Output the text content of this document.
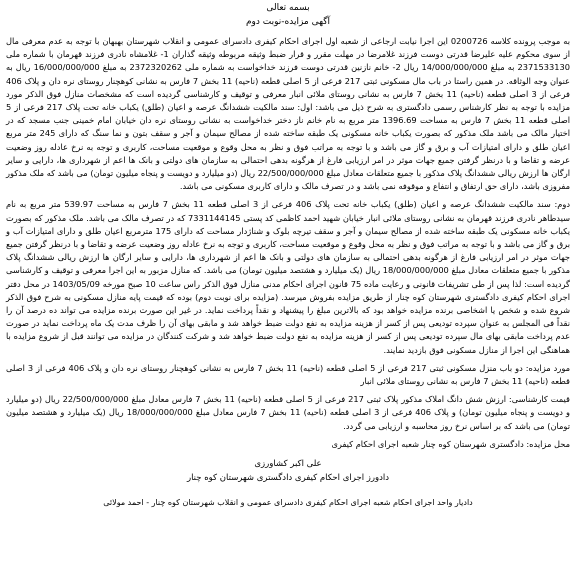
بسمه تعالی

آگهی مزایده-نوبت دوم

به موجب پرونده کلاسه 0200726 این اجرا نیابت ارجاعی از شعبه اول اجرای احکام کیفری دادسرای عمومی و انقلاب شهرستان بهبهان با توجه به عدم معرفی مال از سوی محکوم علیه علیرضا قدرتی دوست فرزند غلامرضا در مهلت مقرر و قرار ضبط وثیقه مربوطه وثیقه گذاران 1- غلامشاه نادری فرزند قهرمان با شماره ملی 2371533130 به مبلغ 14/000/000/000 ریال 2- خانم نازنین قدرتی دوست فرزند خداخواست به شماره ملی 2372320262 به مبلغ 16/000/000/000 ریال به عنوان وجه الوثاقه. در همین راستا در باب مال مسکونی ثبتی 217 فرعی از 5 اصلی قطعه (ناحیه) 11 بخش 7 فارس به نشانی کوهچنار روستای نره دان و پلاک 406 فرعی از 3 اصلی قطعه (ناحیه) 11 بخش 7 فارس به نشانی روستای ملائی انبار معرفی و توقیف و کارشناسی گردیده است که مشخصات منازل فوق الذکر مورد مزایده با توجه به نظر کارشناس رسمی دادگستری به شرح ذیل می باشد: اول: سند مالکیت ششدانگ عرصه و اعیان (طلق) یکباب خانه تحت پلاک 217 فرعی از 5 اصلی قطعه 11 بخش 7 فارس به مساحت 1396.69 متر مربع به نام خانم ناز دختر خداخواست به نشانی روستای نره دان خیابان امام خمینی جنب مسجد که در اختیار مالک می باشد ملک مذکور که بصورت یکباب خانه مسکونی یک طبقه ساخته شده از مصالح سیمان و آجر و سقف بتون و نما سنگ که دارای 245 متر مربع اعیان طلق و دارای امتیازات آب و برق و گاز می باشد و با توجه به مراتب فوق و نظر به محل وقوع و موقعیت مساحت، کاربری و توجه به نرخ عادله روز وضعیت عرضه و تقاضا و با درنظر گرفتن جمیع جهات موثر در امر ارزیابی فارغ از هرگونه بدهی احتمالی به سازمان های دولتی و بانک ها اعم از شهرداری ها، دارایی و سایر ارگان ها ارزش ریالی ششدانگ پلاک مذکور با جمیع متعلقات معادل مبلغ 22/500/000/000 ریال (دو میلیارد و دویست و پنجاه میلیون تومان) می باشد که ملک مذکور مفروزی باشد، دارای حق ارتفاق و انتفاع و موقوفه نمی باشد و در تصرف مالک و دارای کاربری مسکونی می باشد.

دوم: سند مالکیت ششدانگ عرصه و اعیان (طلق) یکباب خانه تحت پلاک 406 فرعی از 3 اصلی قطعه 11 بخش 7 فارس به مساحت 539.97 متر مربع به نام سیدطاهر نادری فرزند قهرمان به نشانی روستای ملائی انبار خیابان شهید احمد کاظمی کد پستی 7331144145 که در تصرف مالک می باشد. ملک مذکور که بصورت یکباب خانه مسکونی یک طبقه ساخته شده از مصالح سیمان و آجر و سقف تیرچه بلوک و شناژدار مساحت که دارای 175 مترمربع اعیان طلق و دارای امتیازات آب و برق و گاز می باشد و با توجه به مراتب فوق و نظر به محل وقوع و موقعیت مساحت، کاربری و توجه به نرخ عادله روز وضعیت عرضه و تقاضا و با درنظر گرفتن جمیع جهات موثر در امر ارزیابی فارغ از هرگونه بدهی احتمالی به سازمان های دولتی و بانک ها اعم از شهرداری ها، دارایی و سایر ارگان ها ارزش ریالی ششدانگ پلاک مذکور با جمیع متعلقات معادل مبلغ 18/000/000/000 ریال (یک میلیارد و هشتصد میلیون تومان) می باشد. که منازل مزبور به این اجرا معرفی و توقیف و کارشناسی گردیده است: لذا پس از طی تشریفات قانونی و رعایت ماده 75 قانون اجرای احکام مدنی منازل فوق الذکر راس ساعت 10 صبح مورخه 1403/05/09 در محل دفتر اجرای احکام کیفری دادگستری شهرستان کوه چنار از طریق مزایده بفروش میرسد. (مزایده برای نوبت دوم) بوده که قیمت پایه منازل مسکونی به شرح فوق الذکر شروع شده و شخص یا اشخاصی برنده مزایده خواهد بود که بالاترین مبلغ را پیشنهاد و نقداً پرداخت نماید. در غیر این صورت برنده مزایده می تواند ده درصد آن را نقداً فی المجلس به عنوان سپرده تودیعی پس از کسر از هزینه مزایده به نفع دولت ضبط خواهد شد و مابقی بهای آن را ظرف مدت یک ماه پرداخت نماید در صورت عدم پرداخت مابقی بهای مال سپرده تودیعی پس از کسر از هزینه مزایده به نفع دولت ضبط خواهد شد و شرکت کنندگان در مزایده می توانند قبل از شروع مزایده با هماهنگی این اجرا از منازل مسکونی فوق بازدید نمایند.

مورد مزایده: دو باب منزل مسکونی ثبتی 217 فرعی از 5 اصلی قطعه (ناحیه) 11 بخش 7 فارس به نشانی کوهچنار روستای نره دان و پلاک 406 فرعی از 3 اصلی قطعه (ناحیه) 11 بخش 7 فارس به نشانی روستای ملائی انبار

قیمت کارشناسی: ارزش شش دانگ املاک مذکور پلاک ثبتی 217 فرعی از 5 اصلی قطعه (ناحیه) 11 بخش 7 فارس معادل مبلغ 22/500/000/000 ریال (دو میلیارد و دویست و پنجاه میلیون تومان) و پلاک 406 فرعی از 3 اصلی قطعه (ناحیه) 11 بخش 7 فارس معادل مبلغ 18/000/000/000 ریال (یک میلیارد و هشتصد میلیون تومان) می باشد که بر اساس نرخ روز محاسبه و ارزیابی می گردد.

محل مزایده: دادگستری شهرستان کوه چنار شعبه اجرای احکام کیفری

علی اکبر کشاورزی

دادورز اجرای احکام کیفری دادگستری شهرستان کوه چنار

دادیار واحد اجرای احکام شعبه اجرای احکام کیفری دادسرای عمومی و انقلاب شهرستان کوه چنار - احمد مولائی
